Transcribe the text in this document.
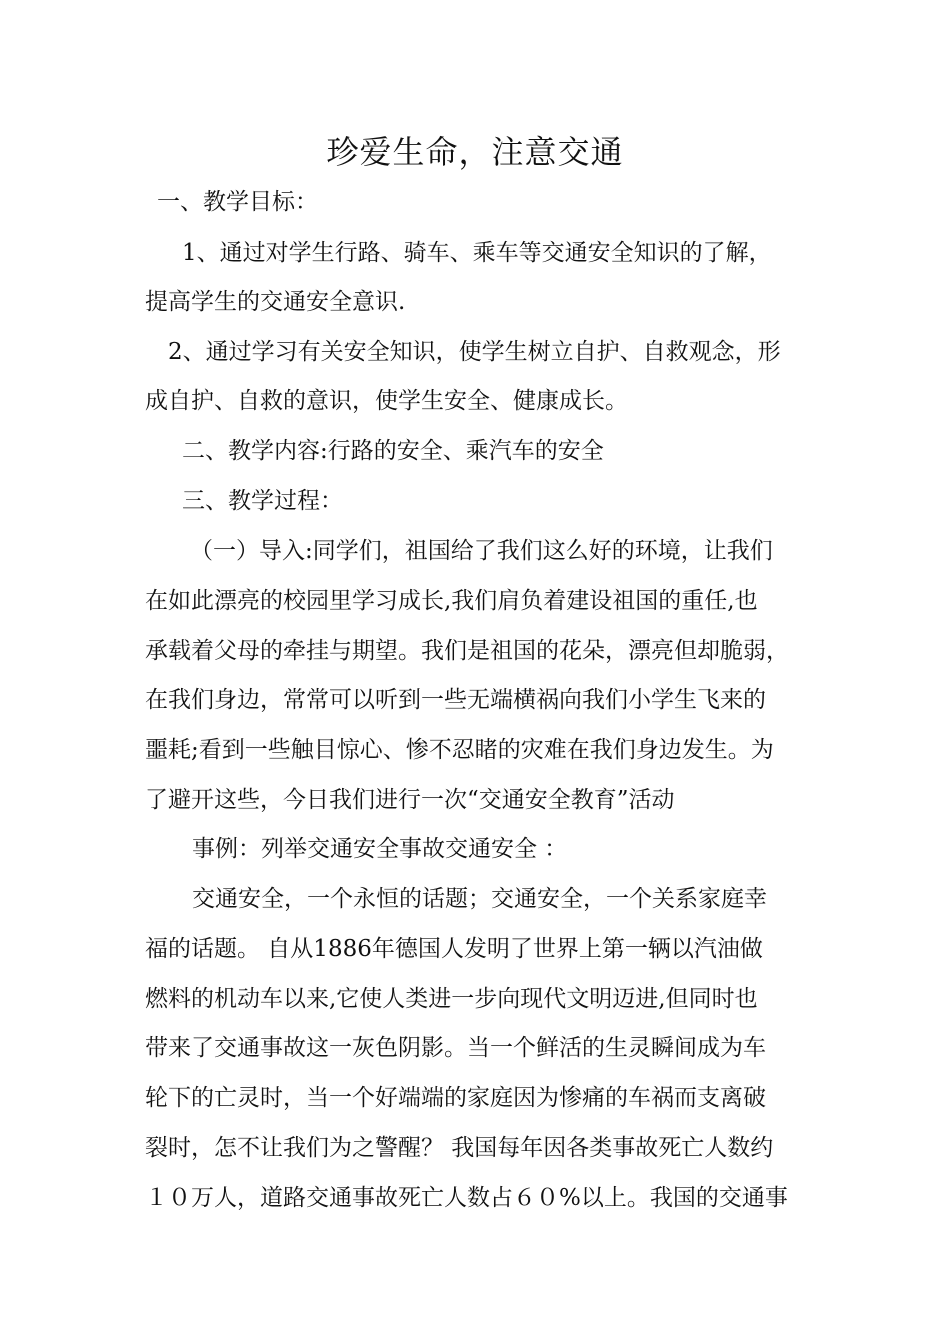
珍爱生命，注意交通

一、教学目标：

1、通过对学生行路、骑车、乘车等交通安全知识的了解，

提高学生的交通安全意识.

2、通过学习有关安全知识，使学生树立自护、自救观念，形

成自护、自救的意识，使学生安全、健康成长。

二、教学内容:行路的安全、乘汽车的安全

三、教学过程：

（一）导入:同学们，祖国给了我们这么好的环境，让我们

在如此漂亮的校园里学习成长,我们肩负着建设祖国的重任,也

承载着父母的牵挂与期望。我们是祖国的花朵，漂亮但却脆弱，

在我们身边，常常可以听到一些无端横祸向我们小学生飞来的

噩耗;看到一些触目惊心、惨不忍睹的灾难在我们身边发生。为

了避开这些，今日我们进行一次“交通安全教育”活动

事例：列举交通安全事故交通安全 ：

交通安全，一个永恒的话题；交通安全，一个关系家庭幸

福的话题。 自从1886年德国人发明了世界上第一辆以汽油做

燃料的机动车以来,它使人类进一步向现代文明迈进,但同时也

带来了交通事故这一灰色阴影。当一个鲜活的生灵瞬间成为车

轮下的亡灵时，当一个好端端的家庭因为惨痛的车祸而支离破

裂时，怎不让我们为之警醒？ 我国每年因各类事故死亡人数约

１０万人，道路交通事故死亡人数占６０%以上。我国的交通事
